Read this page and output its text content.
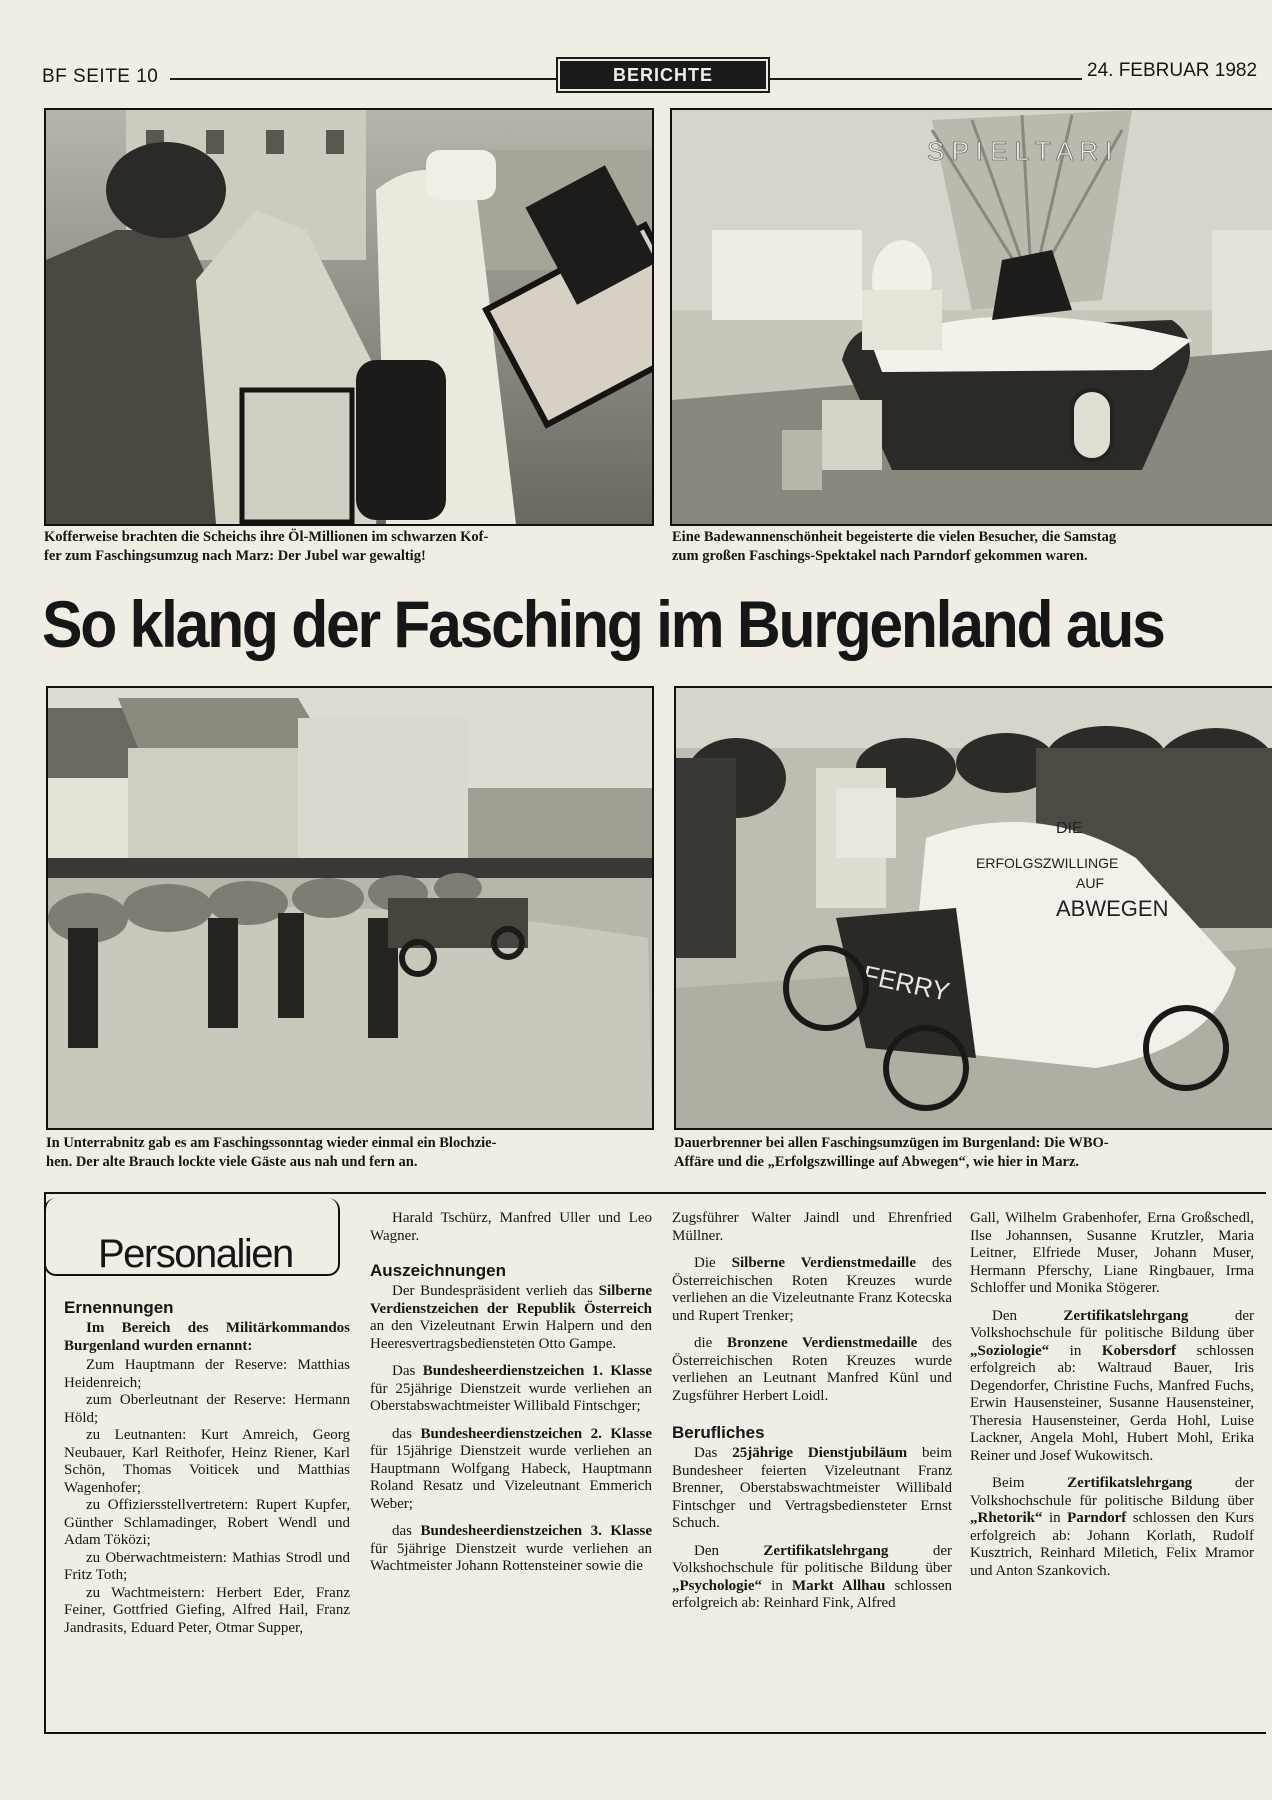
BF SEITE 10	BERICHTE	24. FEBRUAR 1982
S P I E L T A R I
Kofferweise brachten die Scheichs ihre Öl-Millionen im schwarzen Kof-
fer zum Faschingsumzug nach Marz: Der Jubel war gewaltig!
Eine Badewannenschönheit begeisterte die vielen Besucher, die Samstag
zum großen Faschings-Spektakel nach Parndorf gekommen waren.
So klang der Fasching im Burgenland aus
DIE
ERFOLGSZWILLINGE
AUF
ABWEGEN
FERRY
In Unterrabnitz gab es am Faschingssonntag wieder einmal ein Blochzie-
hen. Der alte Brauch lockte viele Gäste aus nah und fern an.
Dauerbrenner bei allen Faschingsumzügen im Burgenland: Die WBO-
Affäre und die „Erfolgszwillinge auf Abwegen“, wie hier in Marz.
Personalien
Ernennungen

Im Bereich des Militärkommandos Burgenland wurden ernannt:

Zum Hauptmann der Reserve: Matthias Heidenreich;

zum Oberleutnant der Reserve: Hermann Höld;

zu Leutnanten: Kurt Amreich, Georg Neubauer, Karl Reithofer, Heinz Riener, Karl Schön, Thomas Voiticek und Matthias Wagenhofer;

zu Offiziersstellvertretern: Rupert Kupfer, Günther Schlamadinger, Robert Wendl und Adam Töközi;

zu Oberwachtmeistern: Mathias Strodl und Fritz Toth;

zu Wachtmeistern: Herbert Eder, Franz Feiner, Gottfried Giefing, Alfred Hail, Franz Jandrasits, Eduard Peter, Otmar Supper,

Harald Tschürz, Manfred Uller und Leo Wagner.

Auszeichnungen

Der Bundespräsident verlieh das Silberne Verdienstzeichen der Republik Österreich an den Vizeleutnant Erwin Halpern und den Heeresvertragsbediensteten Otto Gampe.

Das Bundesheerdienstzeichen 1. Klasse für 25jährige Dienstzeit wurde verliehen an Oberstabswachtmeister Willibald Fintschger;

das Bundesheerdienstzeichen 2. Klasse für 15jährige Dienstzeit wurde verliehen an Hauptmann Wolfgang Habeck, Hauptmann Roland Resatz und Vizeleutnant Emmerich Weber;

das Bundesheerdienstzeichen 3. Klasse für 5jährige Dienstzeit wurde verliehen an Wachtmeister Johann Rottensteiner sowie die

Zugsführer Walter Jaindl und Ehrenfried Müllner.

Die Silberne Verdienstmedaille des Österreichischen Roten Kreuzes wurde verliehen an die Vizeleutnante Franz Kotecska und Rupert Trenker;

die Bronzene Verdienstmedaille des Österreichischen Roten Kreuzes wurde verliehen an Leutnant Manfred Künl und Zugsführer Herbert Loidl.

Berufliches

Das 25jährige Dienstjubiläum beim Bundesheer feierten Vizeleutnant Franz Brenner, Oberstabswachtmeister Willibald Fintschger und Vertragsbediensteter Ernst Schuch.

Den Zertifikatslehrgang der Volkshochschule für politische Bildung über „Psychologie“ in Markt Allhau schlossen erfolgreich ab: Reinhard Fink, Alfred

Gall, Wilhelm Grabenhofer, Erna Großschedl, Ilse Johannsen, Susanne Krutzler, Maria Leitner, Elfriede Muser, Johann Muser, Hermann Pferschy, Liane Ringbauer, Irma Schloffer und Monika Stögerer.

Den Zertifikatslehrgang der Volkshochschule für politische Bildung über „Soziologie“ in Kobersdorf schlossen erfolgreich ab: Waltraud Bauer, Iris Degendorfer, Christine Fuchs, Manfred Fuchs, Erwin Hausensteiner, Susanne Hausensteiner, Theresia Hausensteiner, Gerda Hohl, Luise Lackner, Angela Mohl, Hubert Mohl, Erika Reiner und Josef Wukowitsch.

Beim Zertifikatslehrgang der Volkshochschule für politische Bildung über „Rhetorik“ in Parndorf schlossen den Kurs erfolgreich ab: Johann Korlath, Rudolf Kusztrich, Reinhard Miletich, Felix Mramor und Anton Szankovich.
